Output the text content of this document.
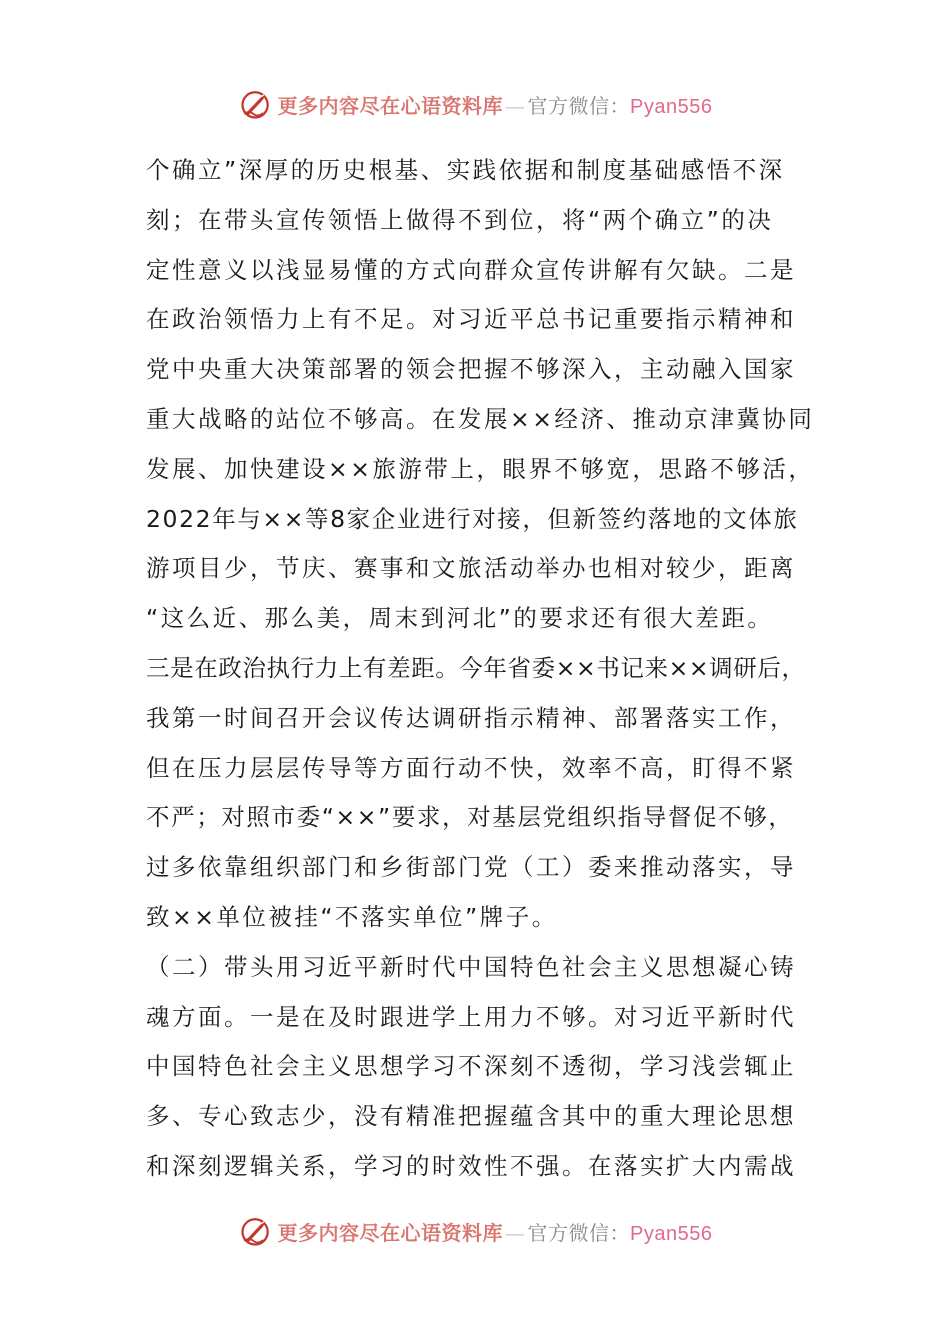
更多内容尽在心语资料库 — 官方微信：Pyan556
个确立”深厚的历史根基、实践依据和制度基础感悟不深
刻；在带头宣传领悟上做得不到位，将“两个确立”的决
定性意义以浅显易懂的方式向群众宣传讲解有欠缺。二是
在政治领悟力上有不足。对习近平总书记重要指示精神和
党中央重大决策部署的领会把握不够深入，主动融入国家
重大战略的站位不够高。在发展××经济、推动京津冀协同
发展、加快建设××旅游带上，眼界不够宽，思路不够活，
2022年与××等8家企业进行对接，但新签约落地的文体旅
游项目少，节庆、赛事和文旅活动举办也相对较少，距离
“这么近、那么美，周末到河北”的要求还有很大差距。
三是在政治执行力上有差距。今年省委××书记来××调研后，
我第一时间召开会议传达调研指示精神、部署落实工作，
但在压力层层传导等方面行动不快，效率不高，盯得不紧
不严；对照市委“××”要求，对基层党组织指导督促不够，
过多依靠组织部门和乡街部门党（工）委来推动落实，导
致××单位被挂“不落实单位”牌子。
（二）带头用习近平新时代中国特色社会主义思想凝心铸
魂方面。一是在及时跟进学上用力不够。对习近平新时代
中国特色社会主义思想学习不深刻不透彻，学习浅尝辄止
多、专心致志少，没有精准把握蕴含其中的重大理论思想
和深刻逻辑关系，学习的时效性不强。在落实扩大内需战
更多内容尽在心语资料库 — 官方微信：Pyan556
